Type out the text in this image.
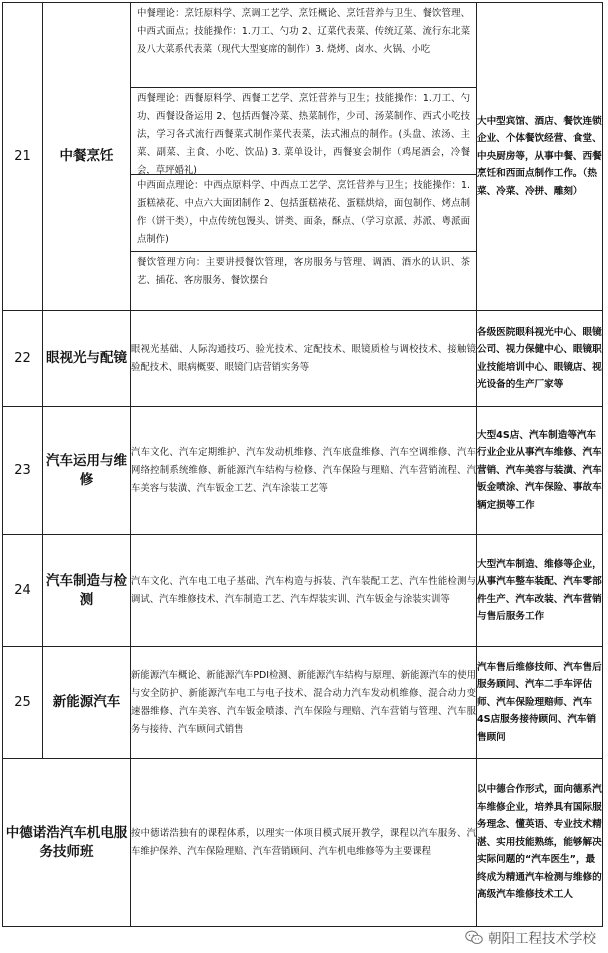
21	中餐烹饪	中餐理论：烹饪原料学、烹调工艺学、烹饪概论、烹饪营养与卫生、餐饮管理、中西式面点；技能操作：1.刀工、勺功 2、辽菜代表菜、传统辽菜、流行东北菜及八大菜系代表菜（现代大型宴席的制作）3. 烧烤、卤水、火锅、小吃
西餐理论：西餐原料学、西餐工艺学、烹饪营养与卫生；技能操作：1.刀工、勺功、西餐设备运用 2、包括西餐冷菜、热菜制作，少司、汤菜制作、西式小吃技法，学习各式流行西餐菜式制作菜代表菜，法式湘点的制作。(头盘、浓汤、主菜、副菜、主食、小吃、饮品) 3. 菜单设计，西餐宴会制作（鸡尾酒会，冷餐会，草坪婚礼)
中西面点理论：中西点原料学、中西点工艺学、烹饪营养与卫生；技能操作：1.蛋糕裱花、中点六大面团制作 2、包括蛋糕裱花、蛋糕烘焙，面包制作、烤点制作（饼干类），中点传统包馒头、饼类、面条，酥点、（学习京派、苏派、粤派面点制作)
餐饮管理方向：主要讲授餐饮管理，客房服务与管理、调酒、酒水的认识、茶艺、插花、客房服务、餐饮摆台	大中型宾馆、酒店、餐饮连锁企业、个体餐饮经营、食堂、中央厨房等，从事中餐、西餐烹饪和西面点制作工作。（热菜、冷菜、冷拼、雕刻）
22	眼视光与配镜	眼视光基础、人际沟通技巧、验光技术、定配技术、眼镜质检与调校技术、接触镜验配技术、眼病概要、眼镜门店营销实务等	各级医院眼科视光中心、眼镜公司、视力保健中心、眼镜职业技能培训中心、眼镜店、视光设备的生产厂家等
23	汽车运用与维修	汽车文化、汽车定期维护、汽车发动机维修、汽车底盘维修、汽车空调维修、汽车网络控制系统维修、新能源汽车结构与检修、汽车保险与理赔、汽车营销流程、汽车美容与装潢、汽车钣金工艺、汽车涂装工艺等	大型4S店、汽车制造等汽车行业企业从事汽车维修、汽车营销、汽车美容与装潢、汽车钣金喷涂、汽车保险、事故车辆定损等工作
24	汽车制造与检测	汽车文化、汽车电工电子基础、汽车构造与拆装、汽车装配工艺、汽车性能检测与调试、汽车维修技术、汽车制造工艺、汽车焊装实训、汽车钣金与涂装实训等	大型汽车制造、维修等企业，从事汽车整车装配、汽车零部件生产、汽车改装、汽车营销与售后服务工作
25	新能源汽车	新能源汽车概论、新能源汽车PDI检测、新能源汽车结构与原理、新能源汽车的使用与安全防护、新能源汽车电工与电子技术、混合动力汽车发动机维修、混合动力变速器维修、汽车美容、汽车钣金喷漆、汽车保险与理赔、汽车营销与管理、汽车服务与接待、汽车顾问式销售	汽车售后维修技师、汽车售后服务顾问、汽车二手车评估师、汽车保险理赔师、汽车4S店服务接待顾问、汽车销售顾问
中德诺浩汽车机电服务技师班		按中德诺浩独有的课程体系，以理实一体项目模式展开教学，课程以汽车服务、汽车维护保养、汽车保险理赔、汽车营销顾问、汽车机电维修等为主要课程	以中德合作形式，面向德系汽车维修企业，培养具有国际服务理念、懂英语、专业技术精湛、实用技能熟练，能够解决实际问题的“汽车医生”，最终成为精通汽车检测与维修的高级汽车维修技术工人
朝阳工程技术学校
